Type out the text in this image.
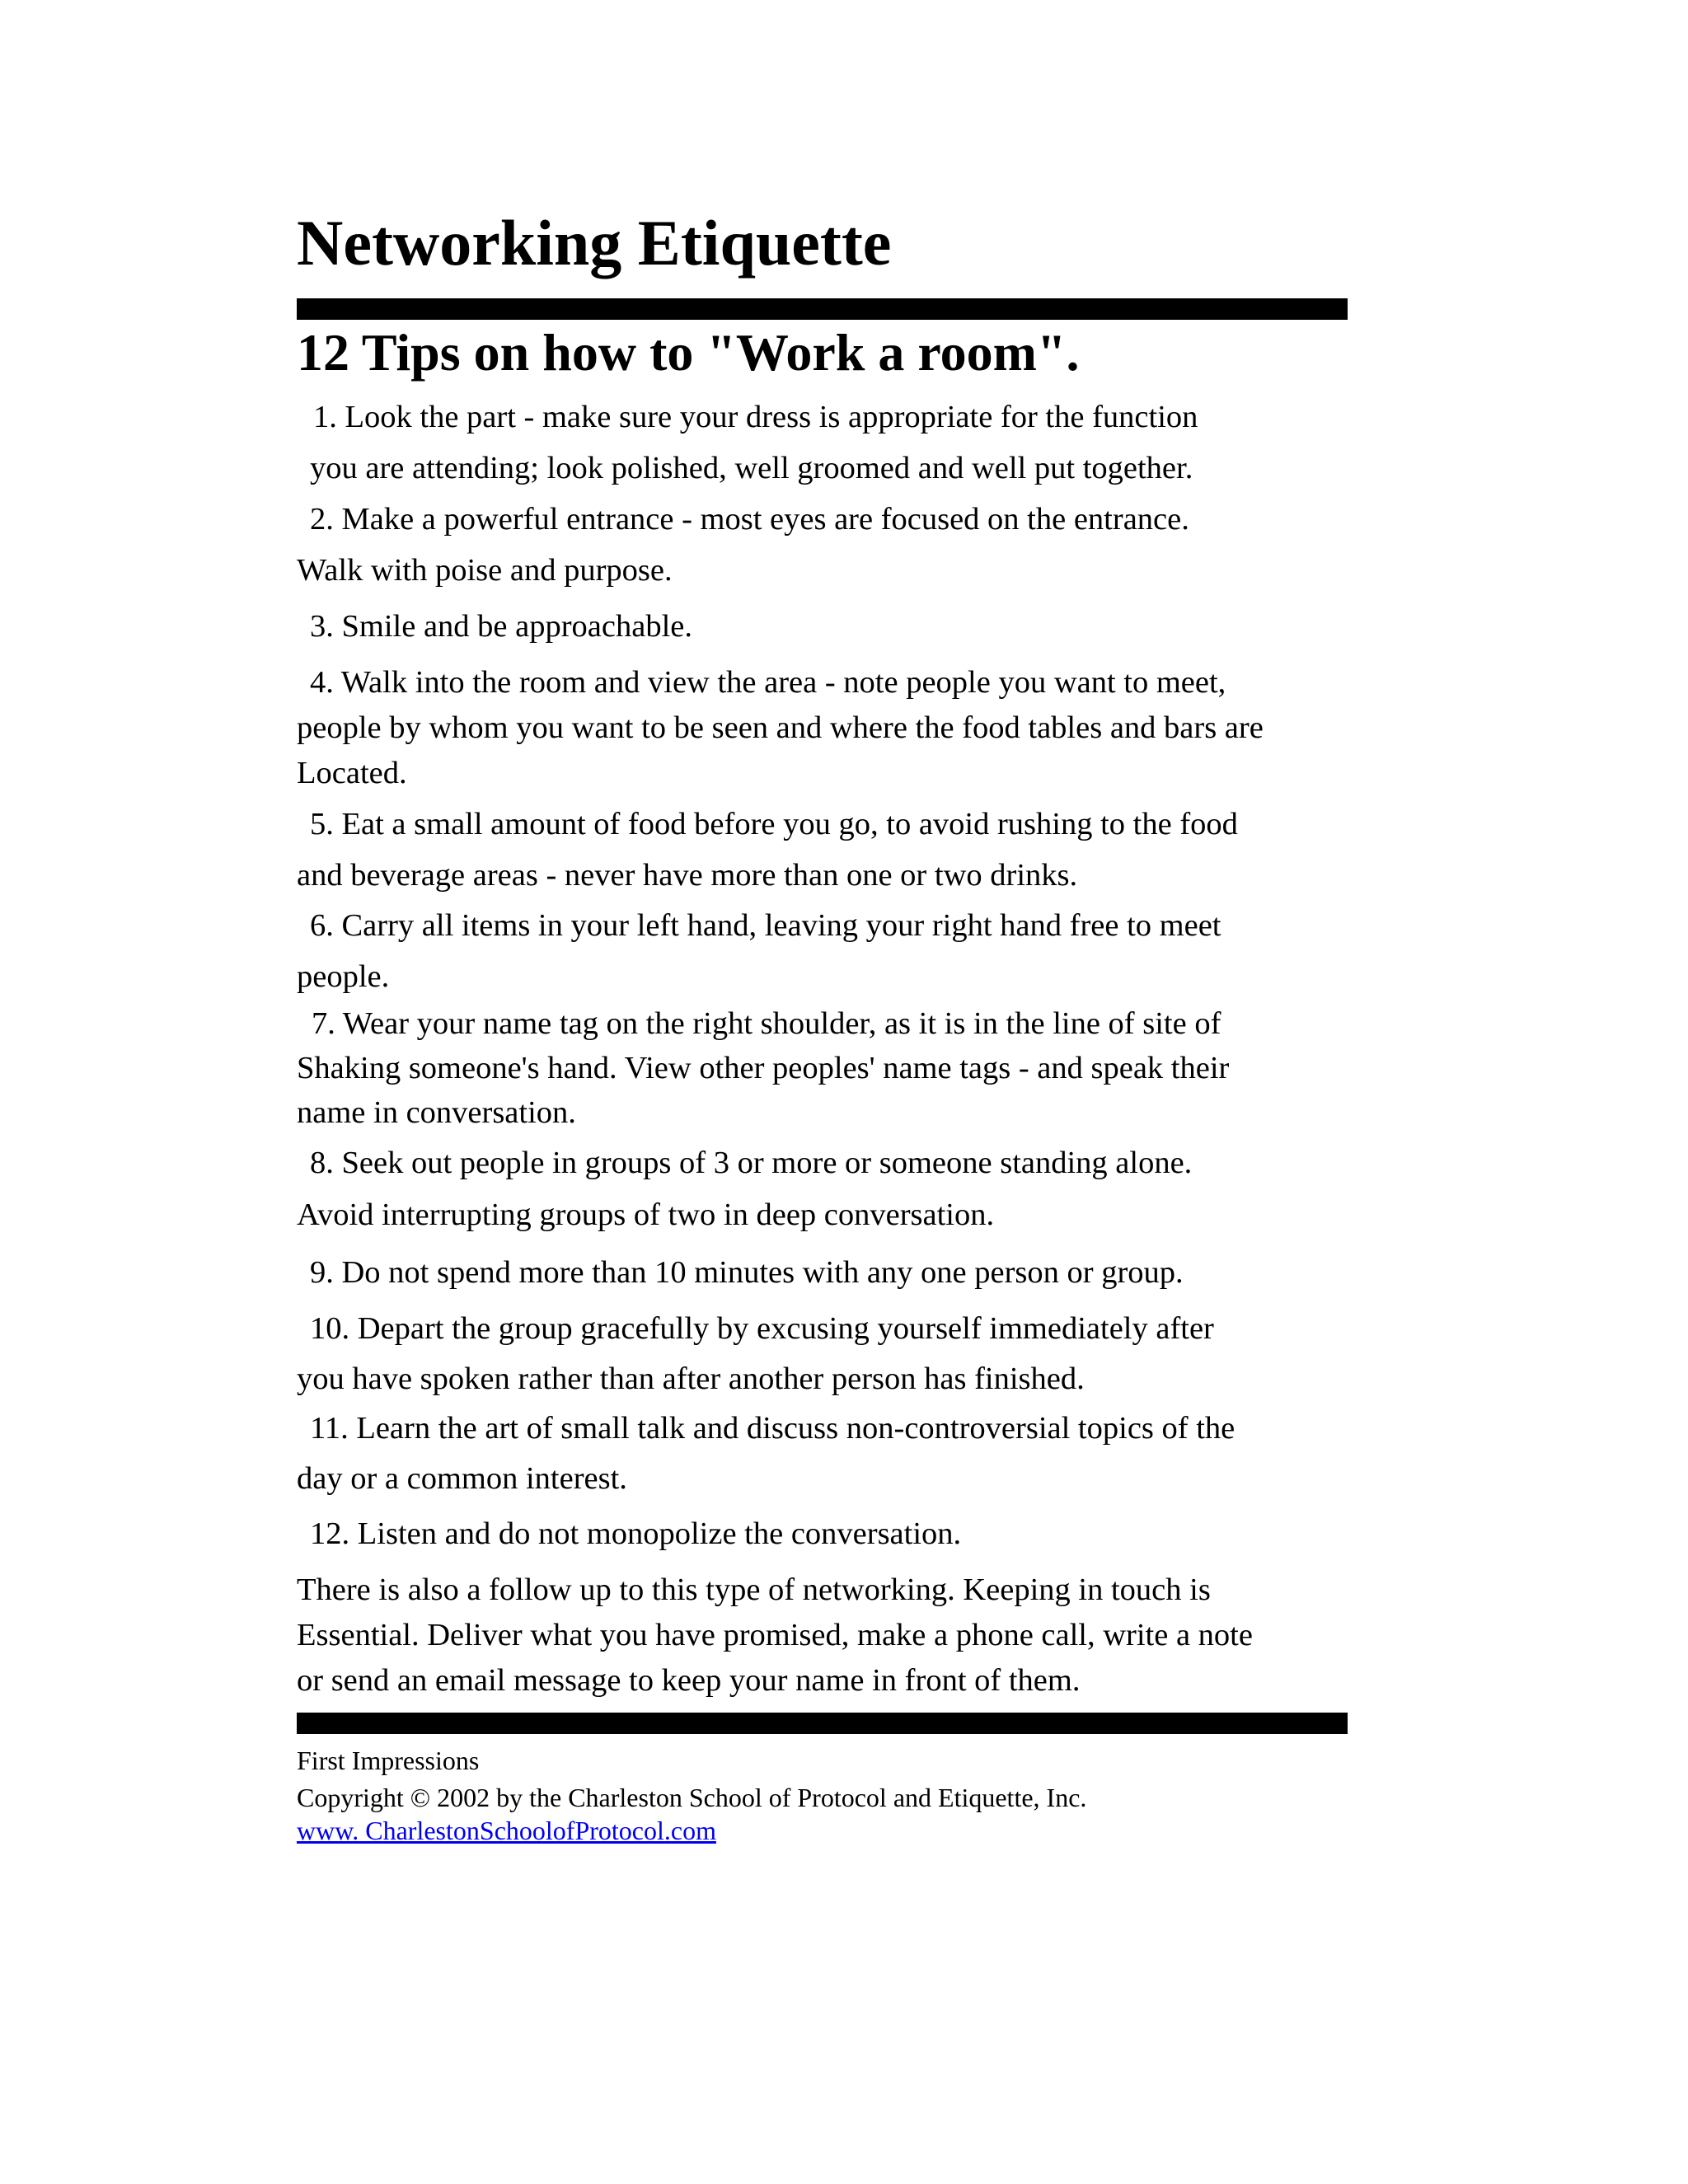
Networking Etiquette
12 Tips on how to "Work a room".

1. Look the part - make sure your dress is appropriate for the function

you are attending; look polished, well groomed and well put together.

2. Make a powerful entrance - most eyes are focused on the entrance.

Walk with poise and purpose.

3. Smile and be approachable.

4. Walk into the room and view the area - note people you want to meet,

people by whom you want to be seen and where the food tables and bars are

Located.

5. Eat a small amount of food before you go, to avoid rushing to the food

and beverage areas - never have more than one or two drinks.

6. Carry all items in your left hand, leaving your right hand free to meet

people.

7. Wear your name tag on the right shoulder, as it is in the line of site of

Shaking someone's hand. View other peoples' name tags - and speak their

name in conversation.

8. Seek out people in groups of 3 or more or someone standing alone.

Avoid interrupting groups of two in deep conversation.

9. Do not spend more than 10 minutes with any one person or group.

10. Depart the group gracefully by excusing yourself immediately after

you have spoken rather than after another person has finished.

11. Learn the art of small talk and discuss non-controversial topics of the

day or a common interest.

12. Listen and do not monopolize the conversation.

There is also a follow up to this type of networking. Keeping in touch is

Essential. Deliver what you have promised, make a phone call, write a note

or send an email message to keep your name in front of them.

First Impressions

Copyright © 2002 by the Charleston School of Protocol and Etiquette, Inc.

www. CharlestonSchoolofProtocol.com
